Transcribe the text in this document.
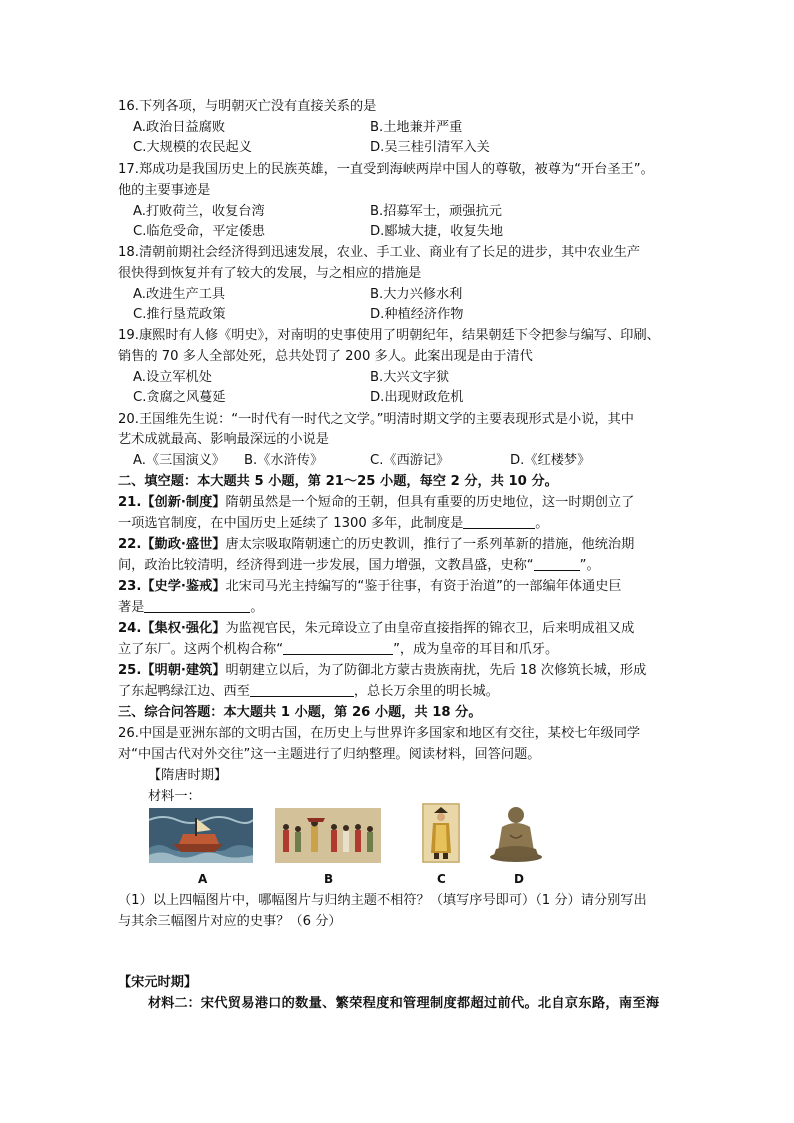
16.下列各项，与明朝灭亡没有直接关系的是
A.政治日益腐败	B.土地兼并严重
C.大规模的农民起义	D.吴三桂引清军入关
17.郑成功是我国历史上的民族英雄，一直受到海峡两岸中国人的尊敬，被尊为“开台圣王”。
他的主要事迹是
A.打败荷兰，收复台湾	B.招募军士，顽强抗元
C.临危受命，平定倭患	D.郾城大捷，收复失地
18.清朝前期社会经济得到迅速发展，农业、手工业、商业有了长足的进步，其中农业生产
很快得到恢复并有了较大的发展，与之相应的措施是
A.改进生产工具	B.大力兴修水利
C.推行垦荒政策	D.种植经济作物
19.康熙时有人修《明史》，对南明的史事使用了明朝纪年，结果朝廷下令把参与编写、印刷、
销售的 70 多人全部处死，总共处罚了 200 多人。此案出现是由于清代
A.设立军机处	B.大兴文字狱
C.贪腐之风蔓延	D.出现财政危机
20.王国维先生说：“一时代有一时代之文学。”明清时期文学的主要表现形式是小说，其中
艺术成就最高、影响最深远的小说是
A.《三国演义》 B.《水浒传》	C.《西游记》	D.《红楼梦》
二、填空题：本大题共 5 小题，第 21～25 小题，每空 2 分，共 10 分。
21.【创新·制度】隋朝虽然是一个短命的王朝，但具有重要的历史地位，这一时期创立了
一项选官制度，在中国历史上延续了 1300 多年，此制度是	。
22.【勤政·盛世】唐太宗吸取隋朝速亡的历史教训，推行了一系列革新的措施，他统治期
间，政治比较清明，经济得到进一步发展，国力增强，文教昌盛，史称“	”。
23.【史学·鉴戒】北宋司马光主持编写的“鉴于往事，有资于治道”的一部编年体通史巨
著是	。
24.【集权·强化】为监视官民，朱元璋设立了由皇帝直接指挥的锦衣卫，后来明成祖又成
立了东厂。这两个机构合称“	”，成为皇帝的耳目和爪牙。
25.【明朝·建筑】明朝建立以后，为了防御北方蒙古贵族南扰，先后 18 次修筑长城，形成
了东起鸭绿江边、西至	，总长万余里的明长城。
三、综合问答题：本大题共 1 小题，第 26 小题，共 18 分。
26.中国是亚洲东部的文明古国，在历史上与世界许多国家和地区有交往，某校七年级同学
对“中国古代对外交往”这一主题进行了归纳整理。阅读材料，回答问题。
【隋唐时期】
材料一：
A	B	C	D
（1）以上四幅图片中，哪幅图片与归纳主题不相符？（填写序号即可）（1 分）请分别写出
与其余三幅图片对应的史事？（6 分）
【宋元时期】
材料二：宋代贸易港口的数量、繁荣程度和管理制度都超过前代。北自京东路，南至海
